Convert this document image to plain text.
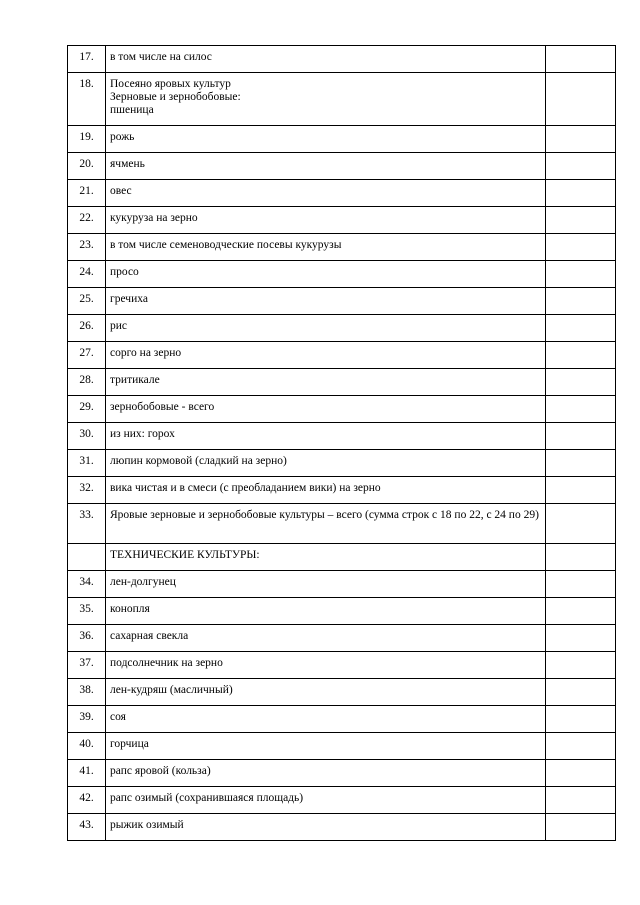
17.	в том числе на силос	

18.	Посеяно яровых культур
Зерновые и зернобобовые:
пшеница	

19.	рожь	

20.	ячмень	

21.	овес	

22.	кукуруза на зерно	

23.	в том числе семеноводческие посевы кукурузы	

24.	просо	

25.	гречиха	

26.	рис	

27.	сорго на зерно	

28.	тритикале	

29.	зернобобовые - всего	

30.	из них: горох	

31.	люпин кормовой (сладкий на зерно)	

32.	вика чистая и в смеси (с преобладанием вики) на зерно	

33.	Яровые зерновые и зернобобовые культуры – всего (сумма строк с 18 по 22, с 24 по 29)	

	ТЕХНИЧЕСКИЕ КУЛЬТУРЫ:	

34.	лен-долгунец	

35.	конопля	

36.	сахарная свекла	

37.	подсолнечник на зерно	

38.	лен-кудряш (масличный)	

39.	соя	

40.	горчица	

41.	рапс яровой (кольза)	

42.	рапс озимый (сохранившаяся площадь)	

43.	рыжик озимый	
